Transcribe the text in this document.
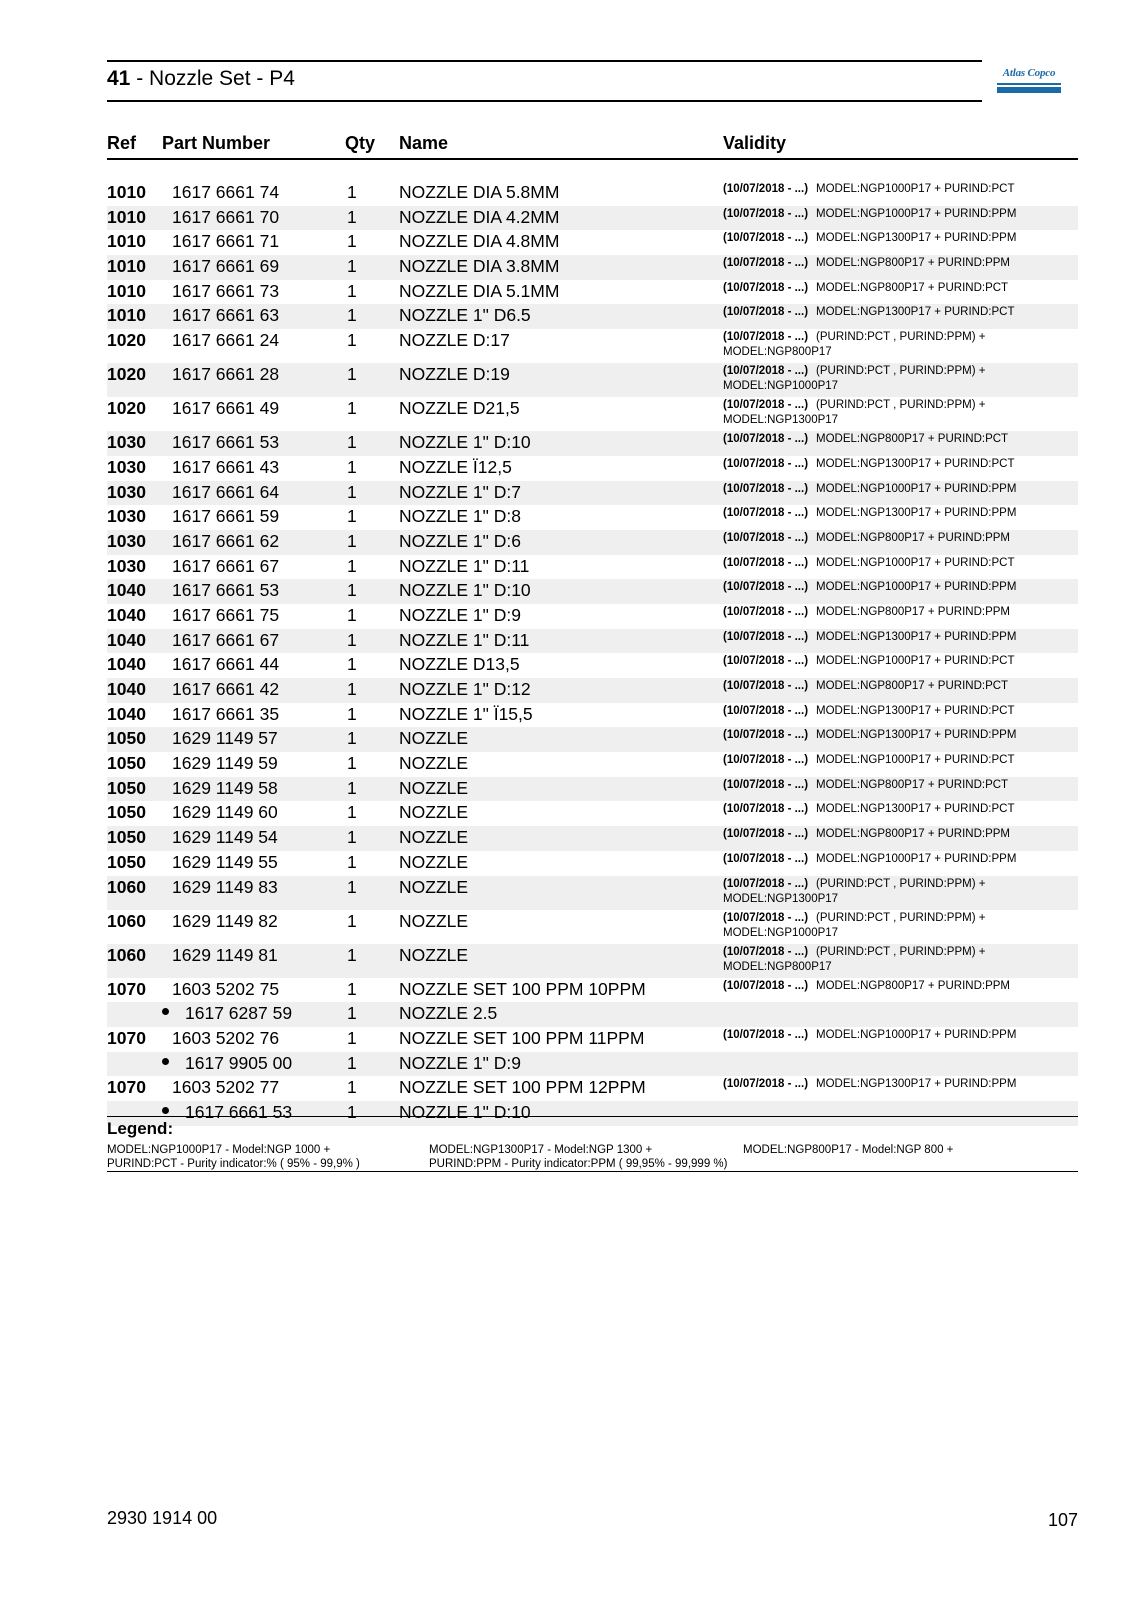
41 - Nozzle Set - P4	Atlas Copco
Ref Part Number	Qty Name	Validity
1010 1617 6661 74	1 NOZZLE DIA 5.8MM	(10/07/2018 - ...) MODEL:NGP1000P17 + PURIND:PCT
1010 1617 6661 70	1 NOZZLE DIA 4.2MM	(10/07/2018 - ...) MODEL:NGP1000P17 + PURIND:PPM
1010 1617 6661 71	1 NOZZLE DIA 4.8MM	(10/07/2018 - ...) MODEL:NGP1300P17 + PURIND:PPM
1010 1617 6661 69	1 NOZZLE DIA 3.8MM	(10/07/2018 - ...) MODEL:NGP800P17 + PURIND:PPM
1010 1617 6661 73	1 NOZZLE DIA 5.1MM	(10/07/2018 - ...) MODEL:NGP800P17 + PURIND:PCT
1010 1617 6661 63	1 NOZZLE 1" D6.5	(10/07/2018 - ...) MODEL:NGP1300P17 + PURIND:PCT
1020 1617 6661 24	1 NOZZLE D:17	(10/07/2018 - ...) (PURIND:PCT , PURIND:PPM) + MODEL:NGP800P17
1020 1617 6661 28	1 NOZZLE D:19	(10/07/2018 - ...) (PURIND:PCT , PURIND:PPM) + MODEL:NGP1000P17
1020 1617 6661 49	1 NOZZLE D21,5	(10/07/2018 - ...) (PURIND:PCT , PURIND:PPM) + MODEL:NGP1300P17
1030 1617 6661 53	1 NOZZLE 1" D:10	(10/07/2018 - ...) MODEL:NGP800P17 + PURIND:PCT
1030 1617 6661 43	1 NOZZLE Ï12,5	(10/07/2018 - ...) MODEL:NGP1300P17 + PURIND:PCT
1030 1617 6661 64	1 NOZZLE 1" D:7	(10/07/2018 - ...) MODEL:NGP1000P17 + PURIND:PPM
1030 1617 6661 59	1 NOZZLE 1" D:8	(10/07/2018 - ...) MODEL:NGP1300P17 + PURIND:PPM
1030 1617 6661 62	1 NOZZLE 1" D:6	(10/07/2018 - ...) MODEL:NGP800P17 + PURIND:PPM
1030 1617 6661 67	1 NOZZLE 1" D:11	(10/07/2018 - ...) MODEL:NGP1000P17 + PURIND:PCT
1040 1617 6661 53	1 NOZZLE 1" D:10	(10/07/2018 - ...) MODEL:NGP1000P17 + PURIND:PPM
1040 1617 6661 75	1 NOZZLE 1" D:9	(10/07/2018 - ...) MODEL:NGP800P17 + PURIND:PPM
1040 1617 6661 67	1 NOZZLE 1" D:11	(10/07/2018 - ...) MODEL:NGP1300P17 + PURIND:PPM
1040 1617 6661 44	1 NOZZLE D13,5	(10/07/2018 - ...) MODEL:NGP1000P17 + PURIND:PCT
1040 1617 6661 42	1 NOZZLE 1" D:12	(10/07/2018 - ...) MODEL:NGP800P17 + PURIND:PCT
1040 1617 6661 35	1 NOZZLE 1" Ï15,5	(10/07/2018 - ...) MODEL:NGP1300P17 + PURIND:PCT
1050 1629 1149 57	1 NOZZLE	(10/07/2018 - ...) MODEL:NGP1300P17 + PURIND:PPM
1050 1629 1149 59	1 NOZZLE	(10/07/2018 - ...) MODEL:NGP1000P17 + PURIND:PCT
1050 1629 1149 58	1 NOZZLE	(10/07/2018 - ...) MODEL:NGP800P17 + PURIND:PCT
1050 1629 1149 60	1 NOZZLE	(10/07/2018 - ...) MODEL:NGP1300P17 + PURIND:PCT
1050 1629 1149 54	1 NOZZLE	(10/07/2018 - ...) MODEL:NGP800P17 + PURIND:PPM
1050 1629 1149 55	1 NOZZLE	(10/07/2018 - ...) MODEL:NGP1000P17 + PURIND:PPM
1060 1629 1149 83	1 NOZZLE	(10/07/2018 - ...) (PURIND:PCT , PURIND:PPM) + MODEL:NGP1300P17
1060 1629 1149 82	1 NOZZLE	(10/07/2018 - ...) (PURIND:PCT , PURIND:PPM) + MODEL:NGP1000P17
1060 1629 1149 81	1 NOZZLE	(10/07/2018 - ...) (PURIND:PCT , PURIND:PPM) + MODEL:NGP800P17
1070 1603 5202 75	1 NOZZLE SET 100 PPM 10PPM	(10/07/2018 - ...) MODEL:NGP800P17 + PURIND:PPM
1617 6287 59	1 NOZZLE 2.5
1070 1603 5202 76	1 NOZZLE SET 100 PPM 11PPM	(10/07/2018 - ...) MODEL:NGP1000P17 + PURIND:PPM
1617 9905 00	1 NOZZLE 1" D:9
1070 1603 5202 77	1 NOZZLE SET 100 PPM 12PPM	(10/07/2018 - ...) MODEL:NGP1300P17 + PURIND:PPM
1617 6661 53	1 NOZZLE 1" D:10
Legend:
MODEL:NGP1000P17 - Model:NGP 1000 +	MODEL:NGP1300P17 - Model:NGP 1300 +	MODEL:NGP800P17 - Model:NGP 800 +
PURIND:PCT - Purity indicator:% ( 95% - 99,9% )	PURIND:PPM - Purity indicator:PPM ( 99,95% - 99,999 %)
2930 1914 00	107
